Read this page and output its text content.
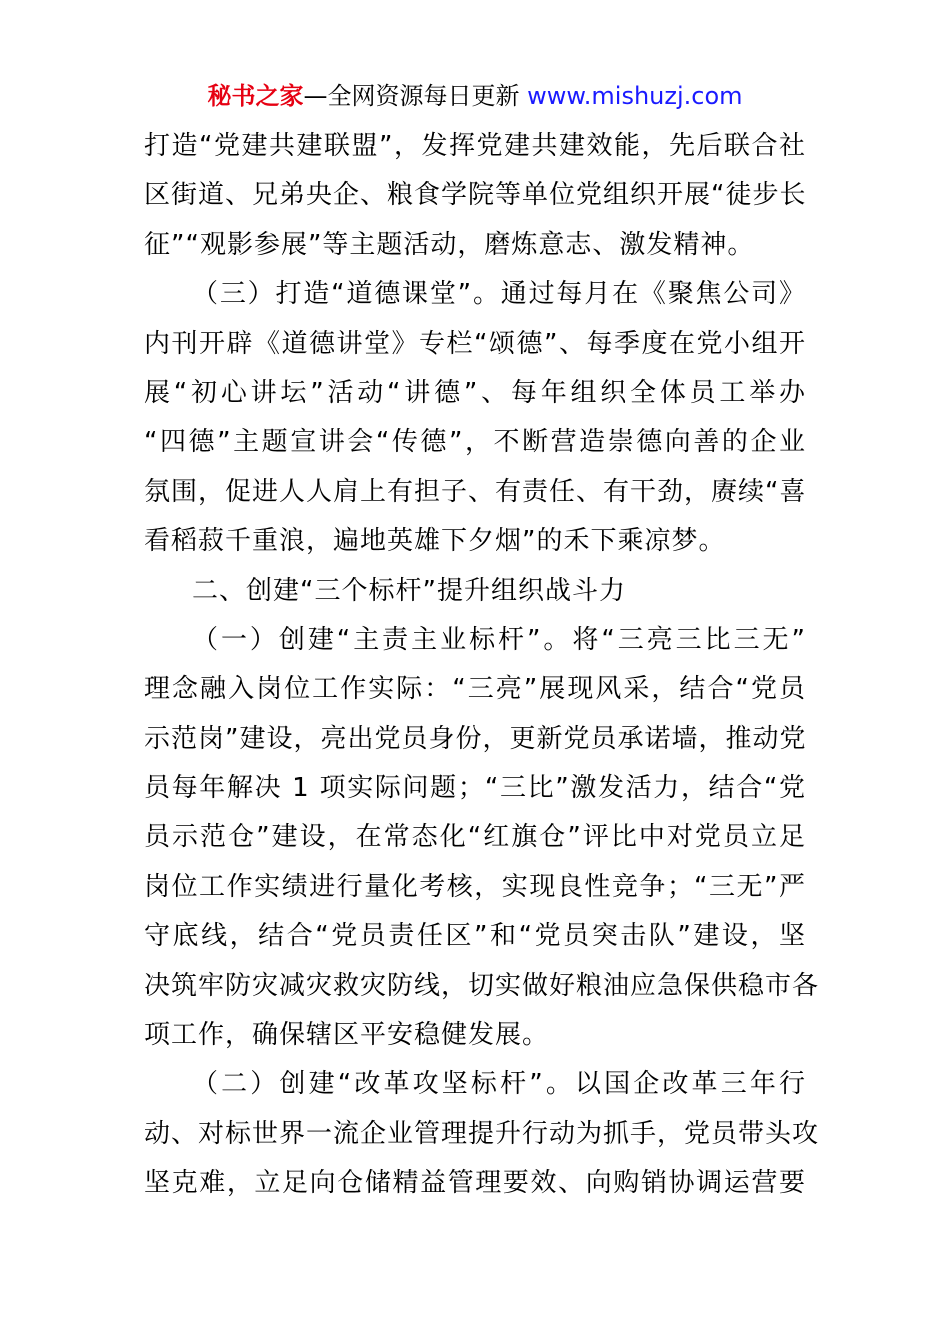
秘书之家—全网资源每日更新 www.mishuzj.com
打造“党建共建联盟”，发挥党建共建效能，先后联合社
区街道、兄弟央企、粮食学院等单位党组织开展“徒步长
征”“观影参展”等主题活动，磨炼意志、激发精神。
（三）打造“道德课堂”。通过每月在《聚焦公司》
内刊开辟《道德讲堂》专栏“颂德”、每季度在党小组开
展“初心讲坛”活动“讲德”、每年组织全体员工举办
“四德”主题宣讲会“传德”，不断营造崇德向善的企业
氛围，促进人人肩上有担子、有责任、有干劲，赓续“喜
看稻菽千重浪，遍地英雄下夕烟”的禾下乘凉梦。
二、创建“三个标杆”提升组织战斗力
（一）创建“主责主业标杆”。将“三亮三比三无”
理念融入岗位工作实际：“三亮”展现风采，结合“党员
示范岗”建设，亮出党员身份，更新党员承诺墙，推动党
员每年解决 1 项实际问题；“三比”激发活力，结合“党
员示范仓”建设，在常态化“红旗仓”评比中对党员立足
岗位工作实绩进行量化考核，实现良性竞争；“三无”严
守底线，结合“党员责任区”和“党员突击队”建设，坚
决筑牢防灾减灾救灾防线，切实做好粮油应急保供稳市各
项工作，确保辖区平安稳健发展。
（二）创建“改革攻坚标杆”。以国企改革三年行
动、对标世界一流企业管理提升行动为抓手，党员带头攻
坚克难，立足向仓储精益管理要效、向购销协调运营要
